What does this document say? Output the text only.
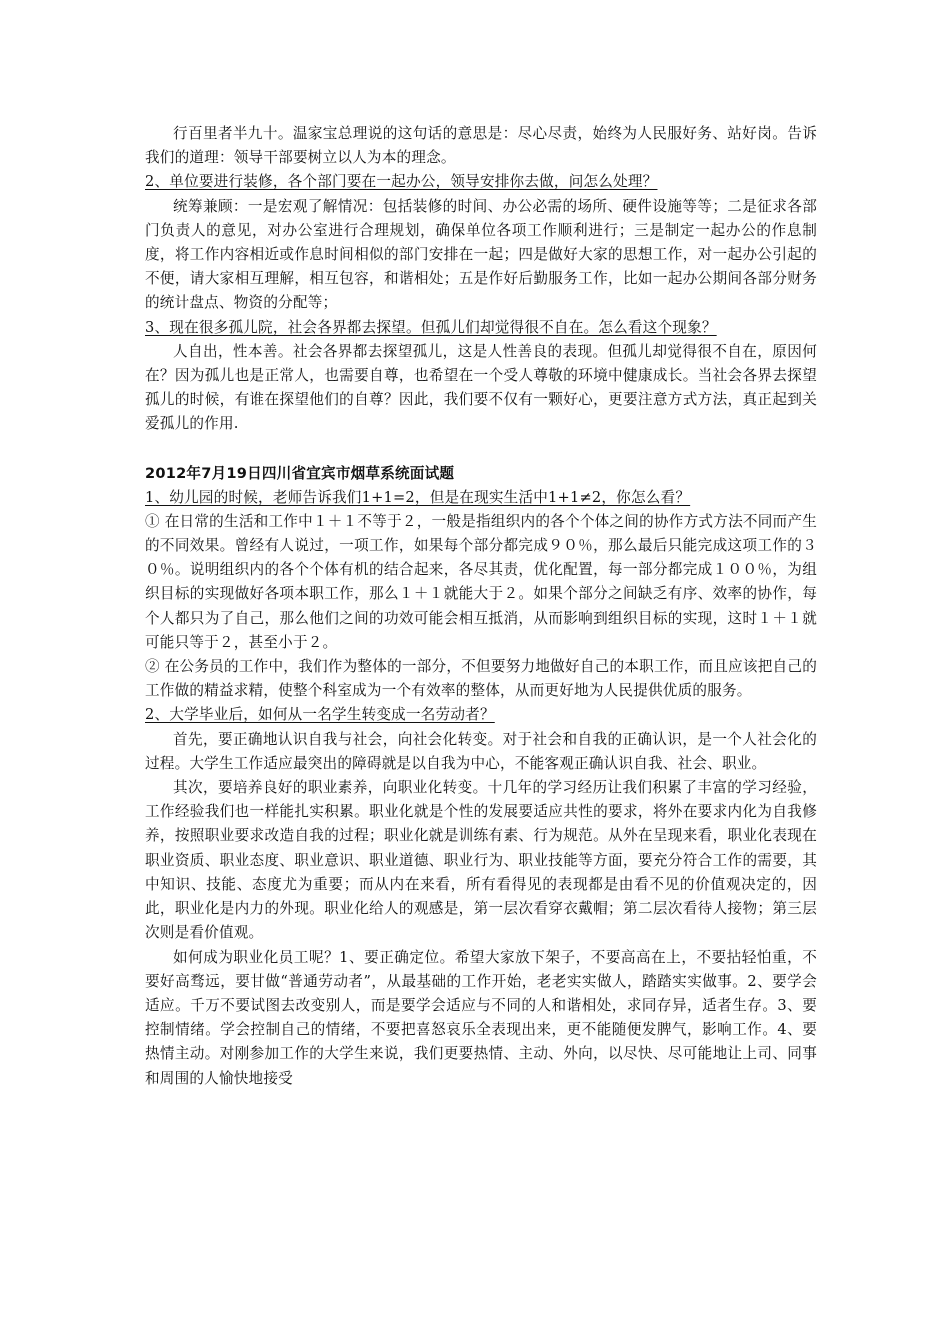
行百里者半九十。温家宝总理说的这句话的意思是：尽心尽责，始终为人民服好务、站好岗。告诉我们的道理：领导干部要树立以人为本的理念。

2、单位要进行装修，各个部门要在一起办公，领导安排你去做，问怎么处理？

统筹兼顾：一是宏观了解情况：包括装修的时间、办公必需的场所、硬件设施等等；二是征求各部门负责人的意见，对办公室进行合理规划，确保单位各项工作顺利进行；三是制定一起办公的作息制度，将工作内容相近或作息时间相似的部门安排在一起；四是做好大家的思想工作，对一起办公引起的不便，请大家相互理解，相互包容，和谐相处；五是作好后勤服务工作，比如一起办公期间各部分财务的统计盘点、物资的分配等；

3、现在很多孤儿院，社会各界都去探望。但孤儿们却觉得很不自在。怎么看这个现象？

人自出，性本善。社会各界都去探望孤儿，这是人性善良的表现。但孤儿却觉得很不自在，原因何在？因为孤儿也是正常人，也需要自尊，也希望在一个受人尊敬的环境中健康成长。当社会各界去探望孤儿的时候，有谁在探望他们的自尊？因此，我们要不仅有一颗好心，更要注意方式方法，真正起到关爱孤儿的作用.

2012年7月19日四川省宜宾市烟草系统面试题

1、幼儿园的时候，老师告诉我们1+1=2，但是在现实生活中1+1≠2，你怎么看？

① 在日常的生活和工作中１＋１不等于２，一般是指组织内的各个个体之间的协作方式方法不同而产生的不同效果。曾经有人说过，一项工作，如果每个部分都完成９０％，那么最后只能完成这项工作的３０％。说明组织内的各个个体有机的结合起来，各尽其责，优化配置，每一部分都完成１００％，为组织目标的实现做好各项本职工作，那么１＋１就能大于２。如果个部分之间缺乏有序、效率的协作，每个人都只为了自己，那么他们之间的功效可能会相互抵消，从而影响到组织目标的实现，这时１＋１就可能只等于２，甚至小于２。

② 在公务员的工作中，我们作为整体的一部分，不但要努力地做好自己的本职工作，而且应该把自己的工作做的精益求精，使整个科室成为一个有效率的整体，从而更好地为人民提供优质的服务。

2、大学毕业后，如何从一名学生转变成一名劳动者？

首先，要正确地认识自我与社会，向社会化转变。对于社会和自我的正确认识，是一个人社会化的过程。大学生工作适应最突出的障碍就是以自我为中心，不能客观正确认识自我、社会、职业。

其次，要培养良好的职业素养，向职业化转变。十几年的学习经历让我们积累了丰富的学习经验，工作经验我们也一样能扎实积累。职业化就是个性的发展要适应共性的要求，将外在要求内化为自我修养，按照职业要求改造自我的过程；职业化就是训练有素、行为规范。从外在呈现来看，职业化表现在职业资质、职业态度、职业意识、职业道德、职业行为、职业技能等方面，要充分符合工作的需要，其中知识、技能、态度尤为重要；而从内在来看，所有看得见的表现都是由看不见的价值观决定的，因此，职业化是内力的外现。职业化给人的观感是，第一层次看穿衣戴帽；第二层次看待人接物；第三层次则是看价值观。

如何成为职业化员工呢？1、要正确定位。希望大家放下架子，不要高高在上，不要拈轻怕重，不要好高骛远，要甘做“普通劳动者”，从最基础的工作开始，老老实实做人，踏踏实实做事。2、要学会适应。千万不要试图去改变别人，而是要学会适应与不同的人和谐相处，求同存异，适者生存。3、要控制情绪。学会控制自己的情绪，不要把喜怒哀乐全表现出来，更不能随便发脾气，影响工作。4、要热情主动。对刚参加工作的大学生来说，我们更要热情、主动、外向，以尽快、尽可能地让上司、同事和周围的人愉快地接受
